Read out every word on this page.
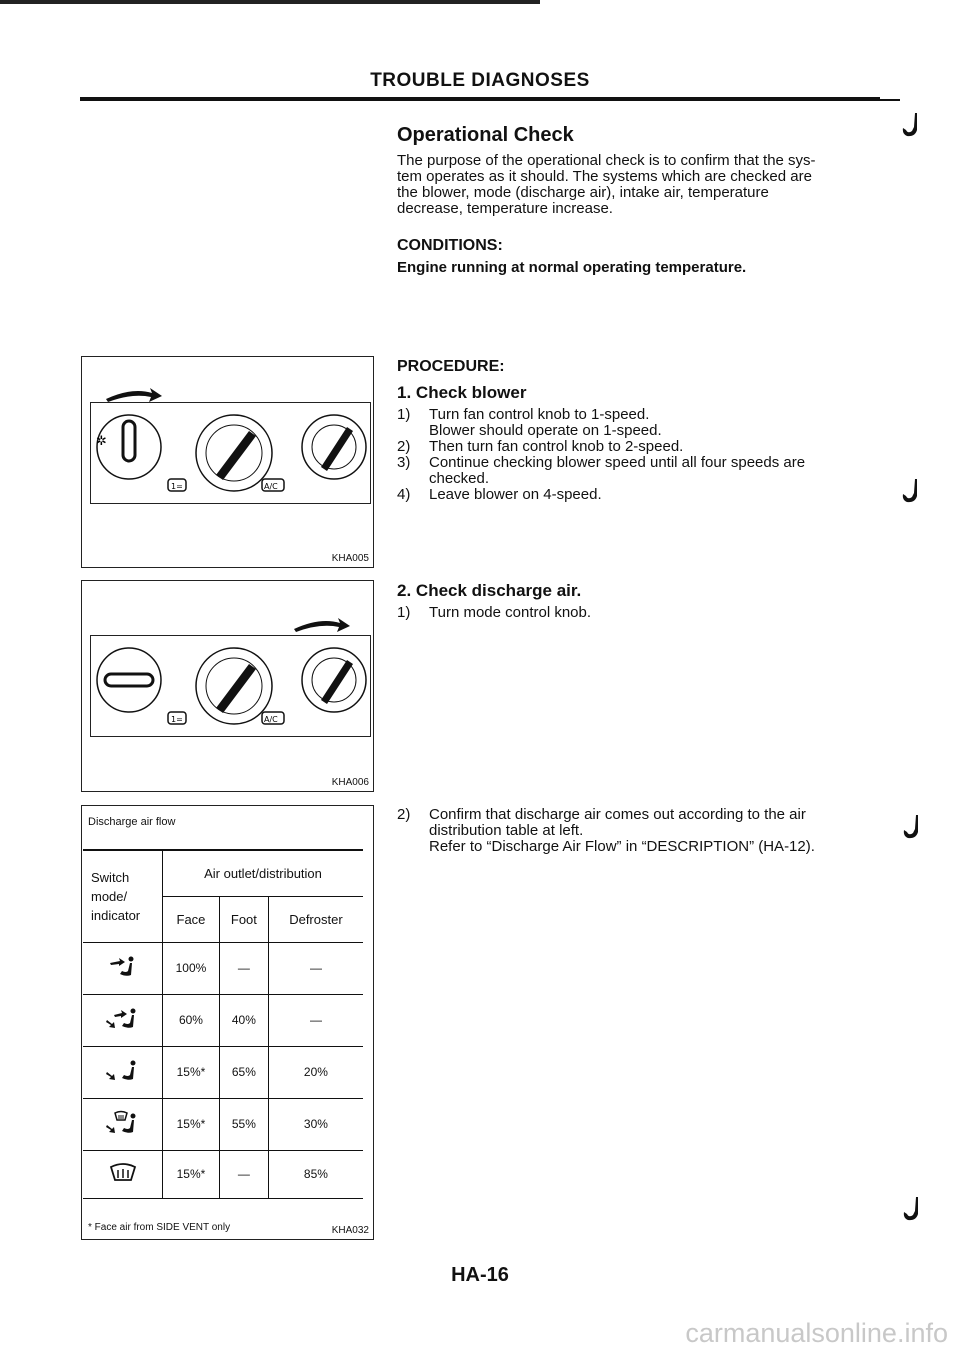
TROUBLE DIAGNOSES
Operational Check
The purpose of the operational check is to confirm that the sys-
tem operates as it should. The systems which are checked are
the blower, mode (discharge air), intake air, temperature
decrease, temperature increase.
CONDITIONS:
Engine running at normal operating temperature.
PROCEDURE:
1. Check blower
1) Turn fan control knob to 1-speed.
Blower should operate on 1-speed.
2) Then turn fan control knob to 2-speed.
3) Continue checking blower speed until all four speeds are
checked.
4) Leave blower on 4-speed.
2. Check discharge air.
1) Turn mode control knob.
2) Confirm that discharge air comes out according to the air
distribution table at left.
Refer to “Discharge Air Flow” in “DESCRIPTION” (HA-12).
✲
1=	A/C
KHA005
1=	A/C
KHA006
Discharge air flow
Switch
mode/
indicator	Air outlet/distribution		
	Face	Foot	Defroster
	100%	—	—
	60%	40%	—
	15%*	65%	20%
	15%*	55%	30%
	15%*	—	85%
* Face air from SIDE VENT only	KHA032
HA-16
carmanualsonline.info
